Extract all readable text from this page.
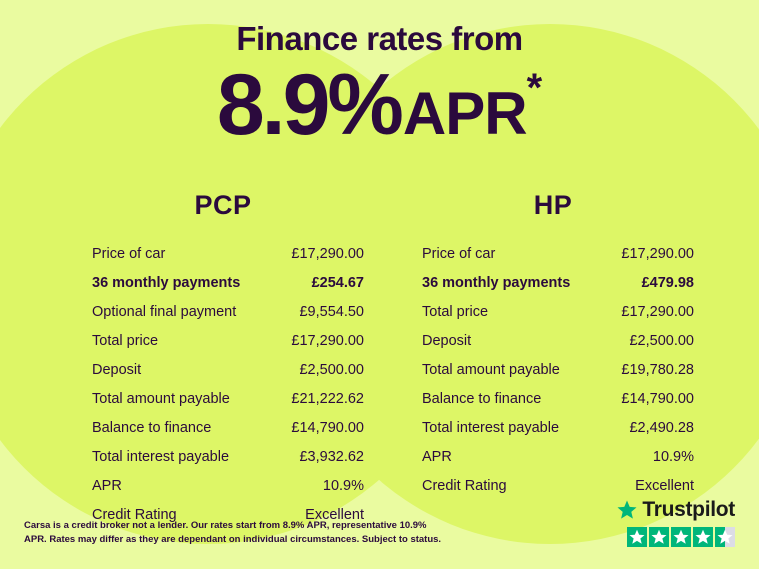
Finance rates from
8.9%APR*
PCP
Price of car	£17,290.00
36 monthly payments	£254.67
Optional final payment	£9,554.50
Total price	£17,290.00
Deposit	£2,500.00
Total amount payable	£21,222.62
Balance to finance	£14,790.00
Total interest payable	£3,932.62
APR	10.9%
Credit Rating	Excellent
HP
Price of car	£17,290.00
36 monthly payments	£479.98
Total price	£17,290.00
Deposit	£2,500.00
Total amount payable	£19,780.28
Balance to finance	£14,790.00
Total interest payable	£2,490.28
APR	10.9%
Credit Rating	Excellent
Carsa is a credit broker not a lender. Our rates start from 8.9% APR, representative 10.9% APR. Rates may differ as they are dependant on individual circumstances. Subject to status.
Trustpilot
